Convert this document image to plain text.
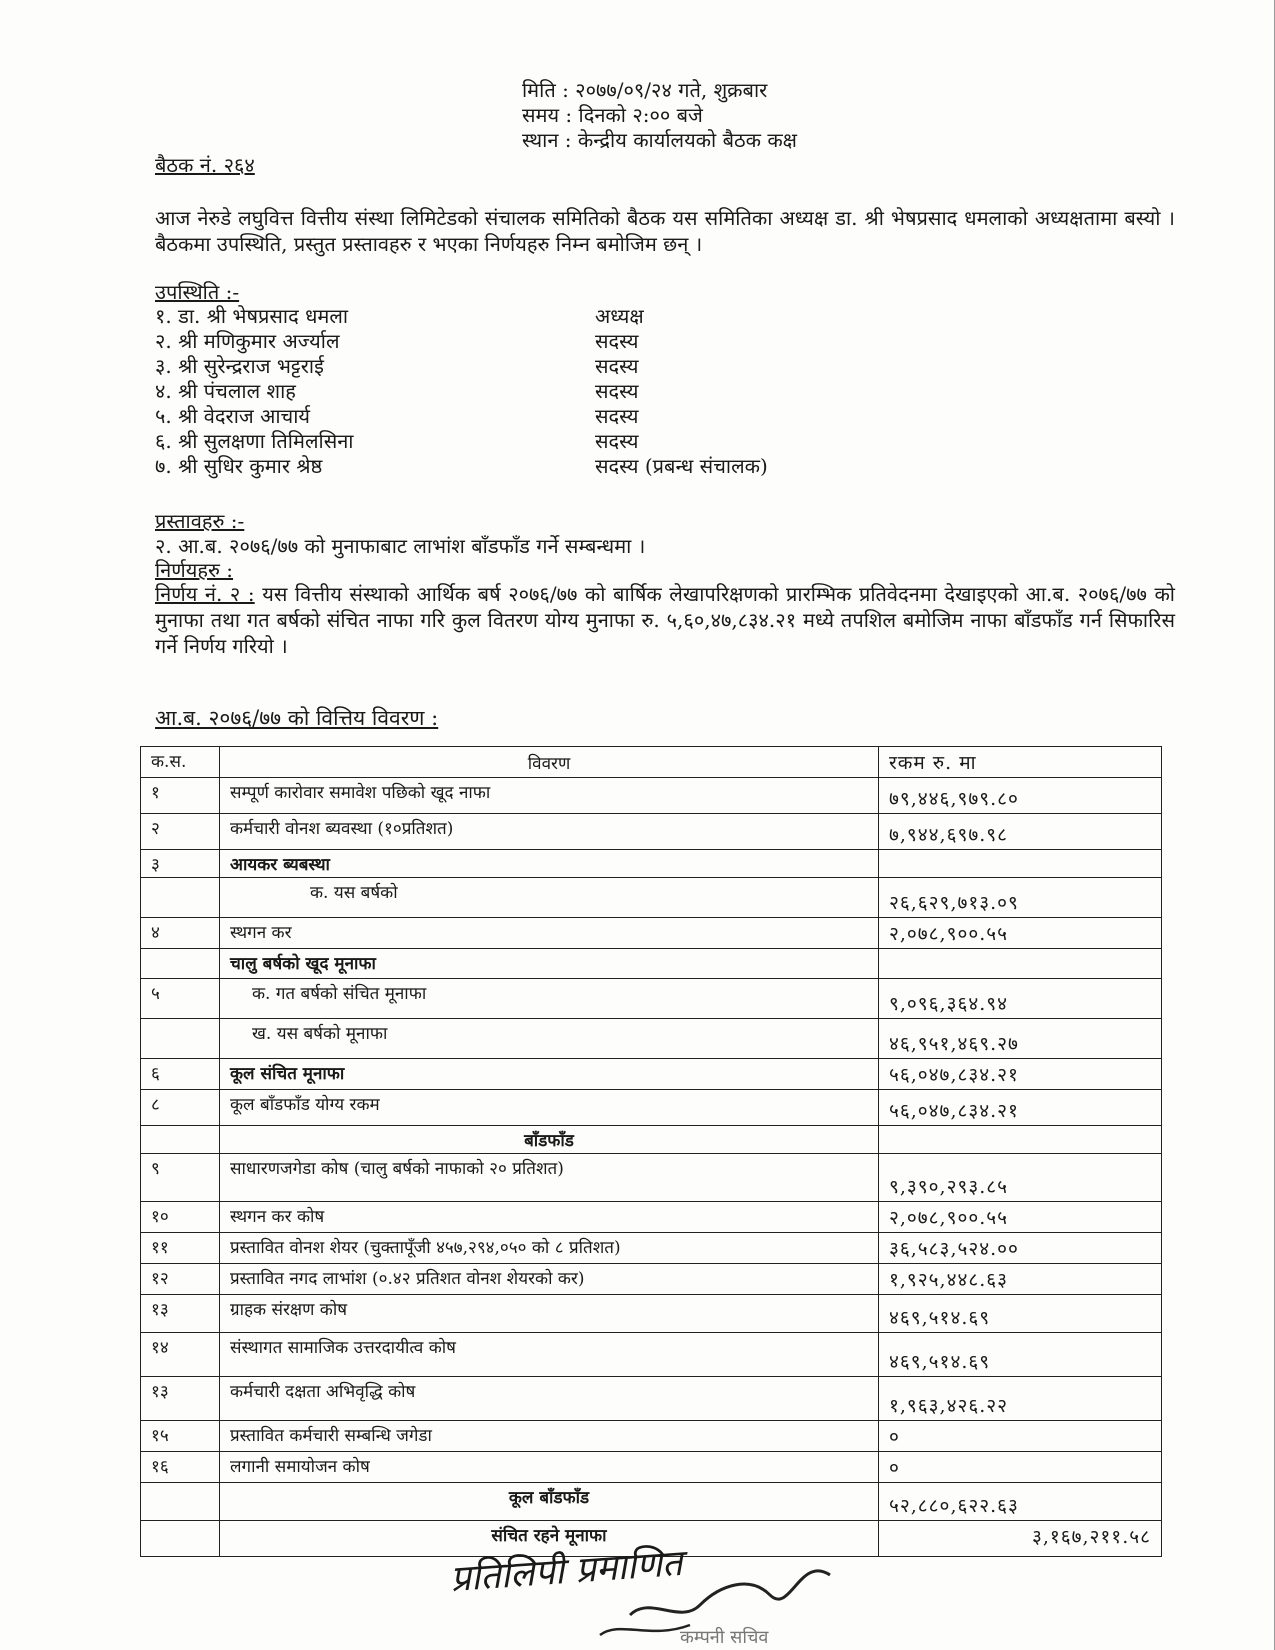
मिति : २०७७/०९/२४ गते, शुक्रबार
समय : दिनको २:०० बजे
स्थान : केन्द्रीय कार्यालयको बैठक कक्ष
बैठक नं. २६४
आज नेरुडे लघुवित्त वित्तीय संस्था लिमिटेडको संचालक समितिको बैठक यस समितिका अध्यक्ष डा. श्री भेषप्रसाद धमलाको अध्यक्षतामा बस्यो । बैठकमा उपस्थिति, प्रस्तुत प्रस्तावहरु र भएका निर्णयहरु निम्न बमोजिम छन् ।
उपस्थिति :-
१. डा. श्री भेषप्रसाद धमला	अध्यक्ष
२. श्री मणिकुमार अर्ज्याल	सदस्य
३. श्री सुरेन्द्रराज भट्टराई	सदस्य
४. श्री पंचलाल शाह	सदस्य
५. श्री वेदराज आचार्य	सदस्य
६. श्री सुलक्षणा तिमिलसिना	सदस्य
७. श्री सुधिर कुमार श्रेष्ठ	सदस्य (प्रबन्ध संचालक)
प्रस्तावहरु :-
२. आ.ब. २०७६/७७ को मुनाफाबाट लाभांश बाँडफाँड गर्ने सम्बन्धमा ।
निर्णयहरु :
निर्णय नं. २ : यस वित्तीय संस्थाको आर्थिक बर्ष २०७६/७७ को बार्षिक लेखापरिक्षणको प्रारम्भिक प्रतिवेदनमा देखाइएको आ.ब. २०७६/७७ को मुनाफा तथा गत बर्षको संचित नाफा गरि कुल वितरण योग्य मुनाफा रु. ५,६०,४७,८३४.२१ मध्ये तपशिल बमोजिम नाफा बाँडफाँड गर्न सिफारिस गर्ने निर्णय गरियो ।
आ.ब. २०७६/७७ को वित्तिय विवरण :
क.स.	विवरण	रकम रु. मा
१	सम्पूर्ण कारोवार समावेश पछिको खूद नाफा	७९,४४६,९७९.८०
२	कर्मचारी वोनश ब्यवस्था (१०प्रतिशत)	७,९४४,६९७.९८
३	आयकर ब्यबस्था	
	क. यस बर्षको	२६,६२९,७१३.०९
४	स्थगन कर	२,०७८,९००.५५
	चालु बर्षको खूद मूनाफा	
५	क. गत बर्षको संचित मूनाफा	९,०९६,३६४.९४
	ख. यस बर्षको मूनाफा	४६,९५१,४६९.२७
६	कूल संचित मूनाफा	५६,०४७,८३४.२१
८	कूल बाँडफाँड योग्य रकम	५६,०४७,८३४.२१
	बाँडफाँड	
९	साधारणजगेडा कोष (चालु बर्षको नाफाको २० प्रतिशत)	९,३९०,२९३.८५
१०	स्थगन कर कोष	२,०७८,९००.५५
११	प्रस्तावित वोनश शेयर (चुक्तापूँजी ४५७,२९४,०५० को ८ प्रतिशत)	३६,५८३,५२४.००
१२	प्रस्तावित नगद लाभांश (०.४२ प्रतिशत वोनश शेयरको कर)	१,९२५,४४८.६३
१३	ग्राहक संरक्षण कोष	४६९,५१४.६९
१४	संस्थागत सामाजिक उत्तरदायीत्व कोष	४६९,५१४.६९
१३	कर्मचारी दक्षता अभिवृद्धि कोष	१,९६३,४२६.२२
१५	प्रस्तावित कर्मचारी सम्बन्धि जगेडा	०
१६	लगानी समायोजन कोष	०
	कूल बाँडफाँड	५२,८८०,६२२.६३
	संचित रहने मूनाफा	३,१६७,२११.५८
प्रतिलिपी प्रमाणित
कम्पनी सचिव
